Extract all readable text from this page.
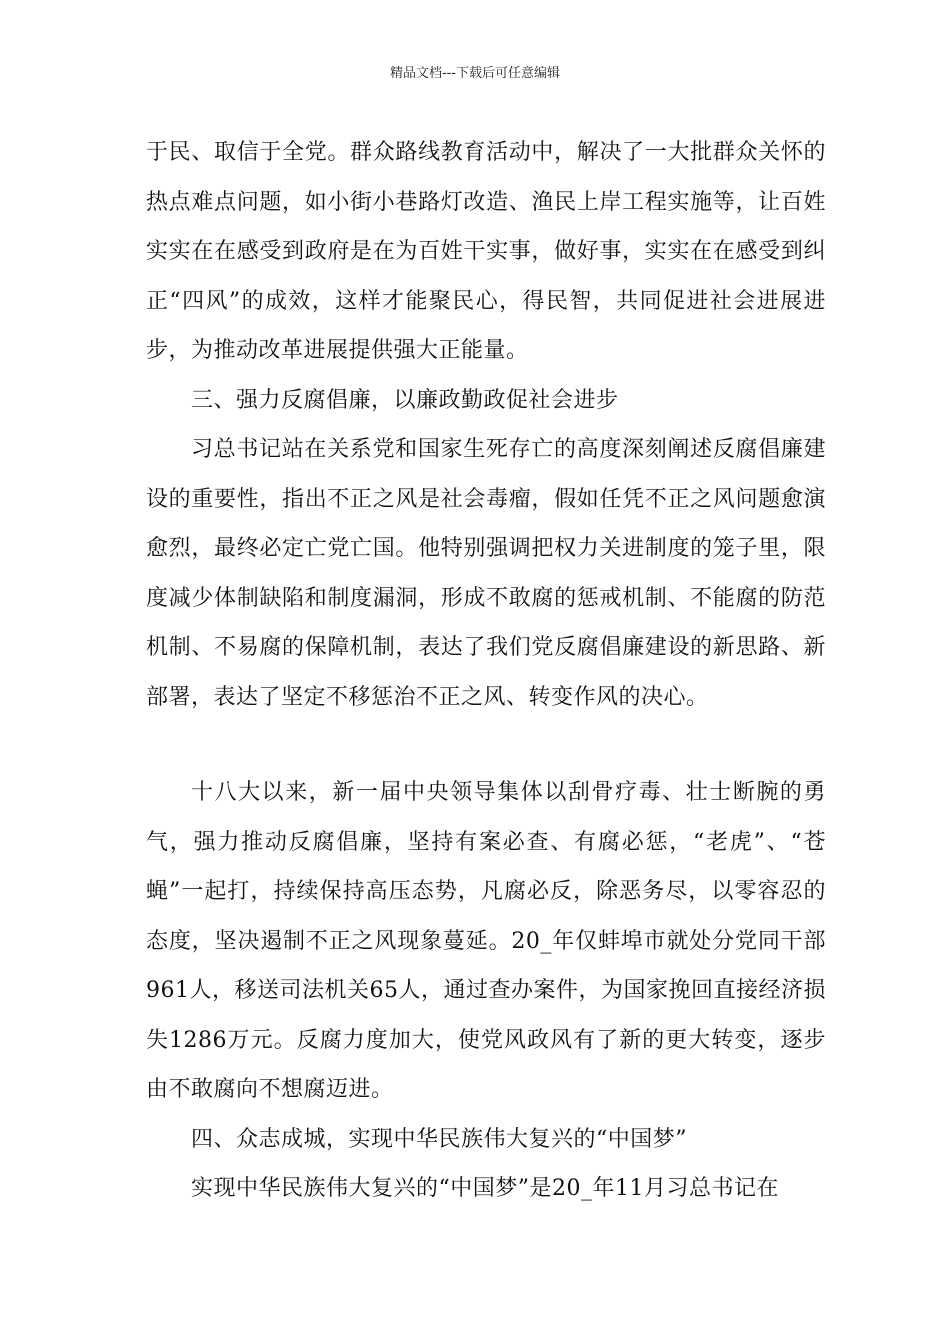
精品文档---下载后可任意编辑

于民、取信于全党。群众路线教育活动中，解决了一大批群众关怀的热点难点问题，如小街小巷路灯改造、渔民上岸工程实施等，让百姓实实在在感受到政府是在为百姓干实事，做好事，实实在在感受到纠正“四风”的成效，这样才能聚民心，得民智，共同促进社会进展进步，为推动改革进展提供强大正能量。

三、强力反腐倡廉，以廉政勤政促社会进步

习总书记站在关系党和国家生死存亡的高度深刻阐述反腐倡廉建设的重要性，指出不正之风是社会毒瘤，假如任凭不正之风问题愈演愈烈，最终必定亡党亡国。他特别强调把权力关进制度的笼子里，限度减少体制缺陷和制度漏洞，形成不敢腐的惩戒机制、不能腐的防范机制、不易腐的保障机制，表达了我们党反腐倡廉建设的新思路、新部署，表达了坚定不移惩治不正之风、转变作风的决心。

十八大以来，新一届中央领导集体以刮骨疗毒、壮士断腕的勇气，强力推动反腐倡廉，坚持有案必查、有腐必惩，“老虎”、“苍蝇”一起打，持续保持高压态势，凡腐必反，除恶务尽，以零容忍的态度，坚决遏制不正之风现象蔓延。20_年仅蚌埠市就处分党同干部961人，移送司法机关65人，通过查办案件，为国家挽回直接经济损失1286万元。反腐力度加大，使党风政风有了新的更大转变，逐步由不敢腐向不想腐迈进。

四、众志成城，实现中华民族伟大复兴的“中国梦”

实现中华民族伟大复兴的“中国梦”是20_年11月习总书记在
